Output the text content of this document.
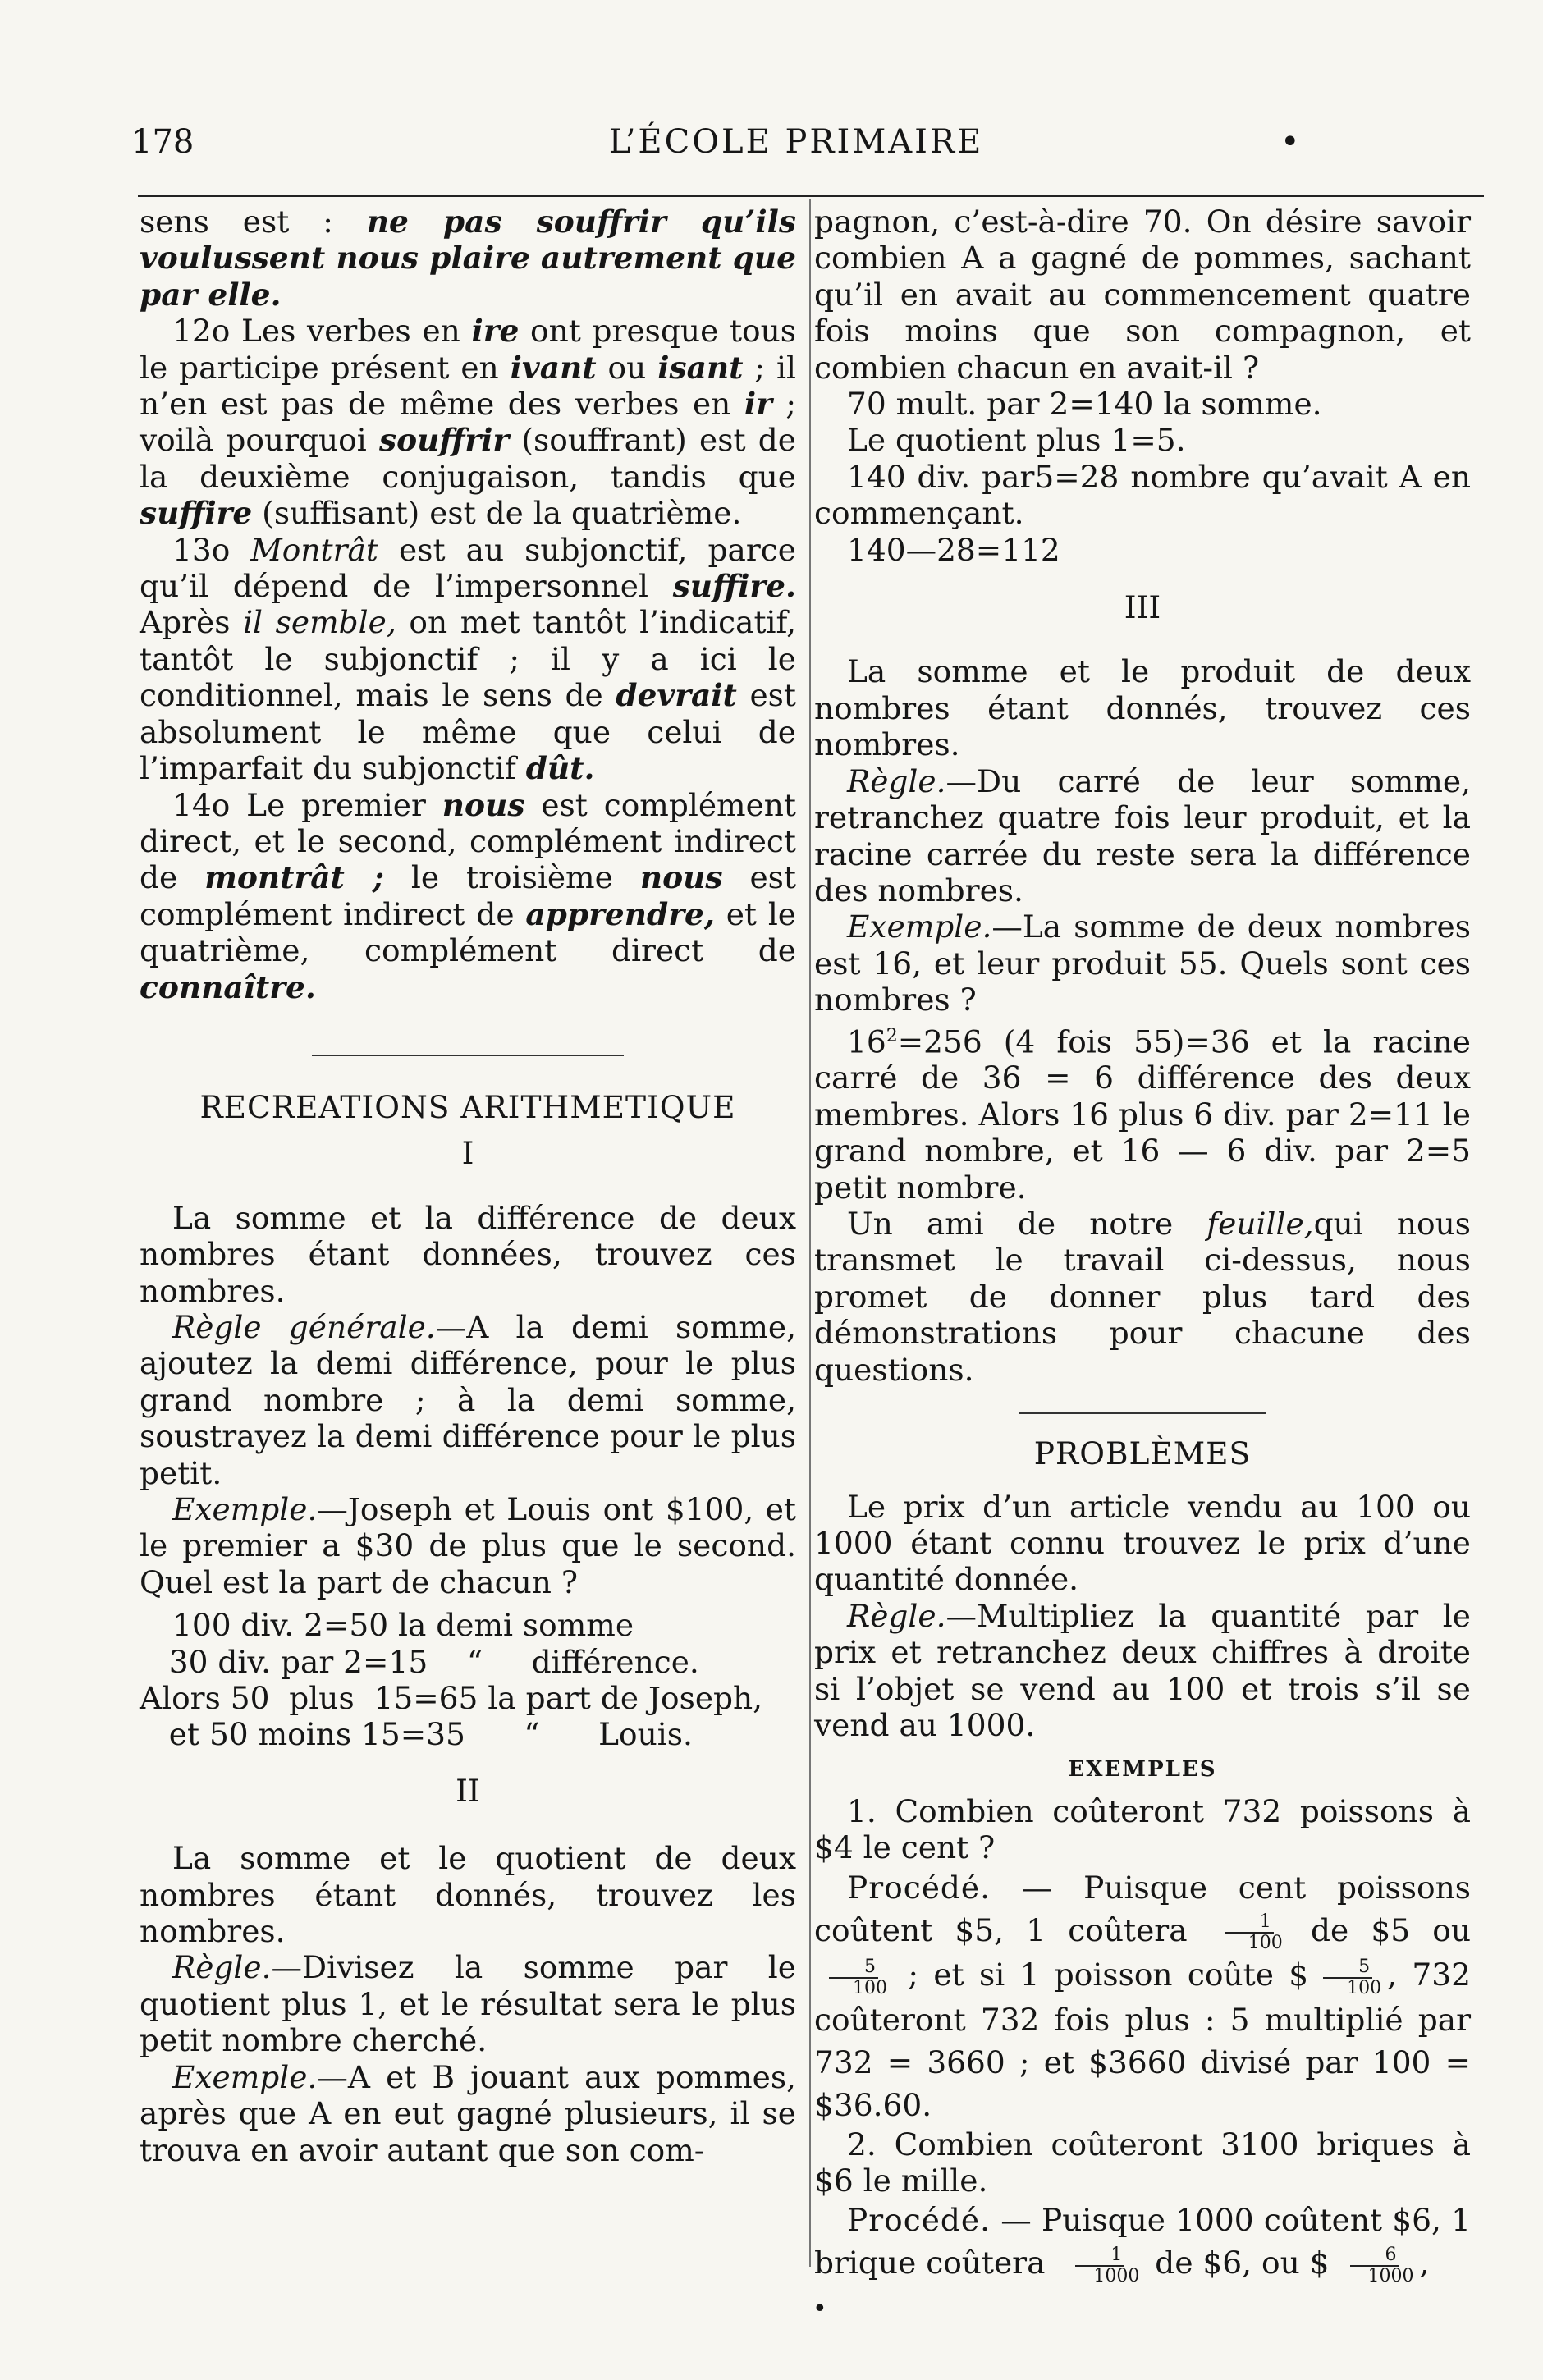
178	L’ÉCOLE PRIMAIRE	•

sens est : ne pas souffrir qu’ils voulussent nous plaire autrement que par elle.

12o Les verbes en ire ont presque tous le participe présent en ivant ou isant ; il n’en est pas de même des verbes en ir ; voilà pourquoi souffrir (souffrant) est de la deuxième conjugaison, tandis que suffire (suffisant) est de la quatrième.

13o Montrât est au subjonctif, parce qu’il dépend de l’impersonnel suffire. Après il semble, on met tantôt l’indicatif, tantôt le subjonctif ; il y a ici le conditionnel, mais le sens de devrait est absolument le même que celui de l’imparfait du subjonctif dût.

14o Le premier nous est complément direct, et le second, complément indirect de montrât ; le troisième nous est complément indirect de apprendre, et le quatrième, complément direct de connaître.

RECREATIONS ARITHMETIQUE

I

La somme et la différence de deux nombres étant données, trouvez ces nombres.

Règle générale.—A la demi somme, ajoutez la demi différence, pour le plus grand nombre ; à la demi somme, soustrayez la demi différence pour le plus petit.

Exemple.—Joseph et Louis ont $100, et le premier a $30 de plus que le second. Quel est la part de chacun ?

100 div. 2=50 la demi somme

30 div. par 2=15    “     différence.

Alors 50  plus  15=65 la part de Joseph,

et 50 moins 15=35      “      Louis.

II

La somme et le quotient de deux nombres étant donnés, trouvez les nombres.

Règle.—Divisez la somme par le quotient plus 1, et le résultat sera le plus petit nombre cherché.

Exemple.—A et B jouant aux pommes, après que A en eut gagné plusieurs, il se trouva en avoir autant que son com-

pagnon, c’est-à-dire 70. On désire savoir combien A a gagné de pommes, sachant qu’il en avait au commencement quatre fois moins que son compagnon, et combien chacun en avait-il ?

70 mult. par 2=140 la somme.

Le quotient plus 1=5.

140 div. par5=28 nombre qu’avait A en commençant.

140—28=112

III

La somme et le produit de deux nombres étant donnés, trouvez ces nombres.

Règle.—Du carré de leur somme, retranchez quatre fois leur produit, et la racine carrée du reste sera la différence des nombres.

Exemple.—La somme de deux nombres est 16, et leur produit 55. Quels sont ces nombres ?

$16^2=256$ (4 fois 55)=36 et la racine carré de 36 = 6 différence des deux membres. Alors 16 plus 6 div. par 2=11 le grand nombre, et 16 — 6 div. par 2=5 petit nombre.

Un ami de notre feuille,qui nous transmet le travail ci-dessus, nous promet de donner plus tard des démonstrations pour chacune des questions.

PROBLÈMES

Le prix d’un article vendu au 100 ou 1000 étant connu trouvez le prix d’une quantité donnée.

Règle.—Multipliez la quantité par le prix et retranchez deux chiffres à droite si l’objet se vend au 100 et trois s’il se vend au 1000.

EXEMPLES

1. Combien coûteront 732 poissons à $4 le cent ?

Procédé. — Puisque cent poissons coûtent $5, 1 coûtera $\frac{1}{100}$ de $5 ou
$\frac{5}{100}$ ; et si 1 poisson coûte $ $\frac{5}{100}$ , 732 coûteront 732 fois plus : 5 multiplié par 732 = 3660 ; et $3660 divisé par 100 = $36.60.

2. Combien coûteront 3100 briques à $6 le mille.

Procédé. — Puisque 1000 coûtent $6, 1 brique coûtera $\frac{1}{1000}$ de $6, ou $ $\frac{6}{1000}$ ,

•
